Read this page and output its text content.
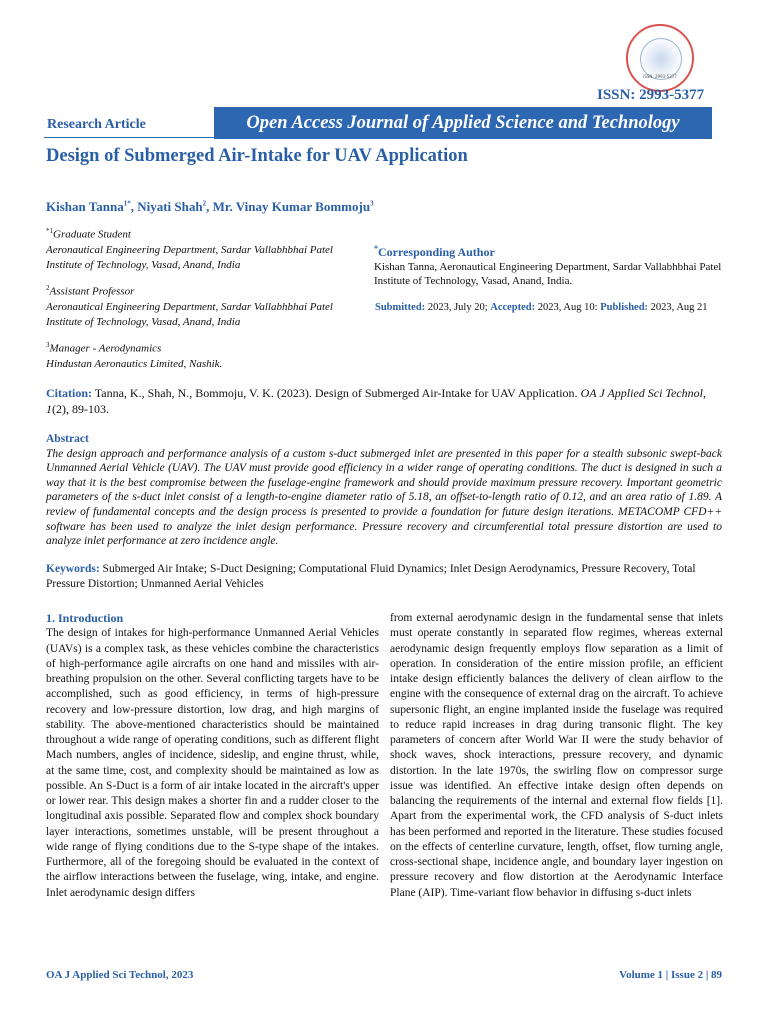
ISSN: 2993-5377
ISSN: 2993-5377
Open Access Journal of Applied Science and Technology
Research Article
Design of Submerged Air-Intake for UAV Application
Kishan Tanna$^{1*}$, Niyati Shah$^2$, Mr. Vinay Kumar Bommoju$^3$
$^{*1}$Graduate Student
Aeronautical Engineering Department, Sardar Vallabhbhai Patel
Institute of Technology, Vasad, Anand, India
$^2$Assistant Professor
Aeronautical Engineering Department, Sardar Vallabhbhai Patel
Institute of Technology, Vasad, Anand, India
$^3$Manager - Aerodynamics
Hindustan Aeronautics Limited, Nashik.
*Corresponding Author
Kishan Tanna, Aeronautical Engineering Department, Sardar Vallabhbhai Patel Institute of Technology, Vasad, Anand, India.
Submitted: 2023, July 20; Accepted: 2023, Aug 10: Published: 2023, Aug 21
Citation: Tanna, K., Shah, N., Bommoju, V. K. (2023). Design of Submerged Air-Intake for UAV Application. OA J Applied Sci Technol, 1(2), 89-103.
Abstract
The design approach and performance analysis of a custom s-duct submerged inlet are presented in this paper for a stealth subsonic swept-back Unmanned Aerial Vehicle (UAV). The UAV must provide good efficiency in a wider range of operating conditions. The duct is designed in such a way that it is the best compromise between the fuselage-engine framework and should provide maximum pressure recovery. Important geometric parameters of the s-duct inlet consist of a length-to-engine diameter ratio of 5.18, an offset-to-length ratio of 0.12, and an area ratio of 1.89. A review of fundamental concepts and the design process is presented to provide a foundation for future design iterations. METACOMP CFD++ software has been used to analyze the inlet design performance. Pressure recovery and circumferential total pressure distortion are used to analyze inlet performance at zero incidence angle.
Keywords: Submerged Air Intake; S-Duct Designing; Computational Fluid Dynamics; Inlet Design Aerodynamics, Pressure Recovery, Total Pressure Distortion; Unmanned Aerial Vehicles
1. Introduction
The design of intakes for high-performance Unmanned Aerial Vehicles (UAVs) is a complex task, as these vehicles combine the characteristics of high-performance agile aircrafts on one hand and missiles with air-breathing propulsion on the other. Several conflicting targets have to be accomplished, such as good efficiency, in terms of high-pressure recovery and low-pressure distortion, low drag, and high margins of stability. The above-mentioned characteristics should be maintained throughout a wide range of operating conditions, such as different flight Mach numbers, angles of incidence, sideslip, and engine thrust, while, at the same time, cost, and complexity should be maintained as low as possible. An S-Duct is a form of air intake located in the aircraft's upper or lower rear. This design makes a shorter fin and a rudder closer to the longitudinal axis possible. Separated flow and complex shock boundary layer interactions, sometimes unstable, will be present throughout a wide range of flying conditions due to the S-type shape of the intakes. Furthermore, all of the foregoing should be evaluated in the context of the airflow interactions between the fuselage, wing, intake, and engine. Inlet aerodynamic design differs
from external aerodynamic design in the fundamental sense that inlets must operate constantly in separated flow regimes, whereas external aerodynamic design frequently employs flow separation as a limit of operation. In consideration of the entire mission profile, an efficient intake design efficiently balances the delivery of clean airflow to the engine with the consequence of external drag on the aircraft. To achieve supersonic flight, an engine implanted inside the fuselage was required to reduce rapid increases in drag during transonic flight. The key parameters of concern after World War II were the study behavior of shock waves, shock interactions, pressure recovery, and dynamic distortion. In the late 1970s, the swirling flow on compressor surge issue was identified. An effective intake design often depends on balancing the requirements of the internal and external flow fields [1]. Apart from the experimental work, the CFD analysis of S-duct inlets has been performed and reported in the literature. These studies focused on the effects of centerline curvature, length, offset, flow turning angle, cross-sectional shape, incidence angle, and boundary layer ingestion on pressure recovery and flow distortion at the Aerodynamic Interface Plane (AIP). Time-variant flow behavior in diffusing s-duct inlets
OA J Applied Sci Technol, 2023	Volume 1 | Issue 2 | 89
